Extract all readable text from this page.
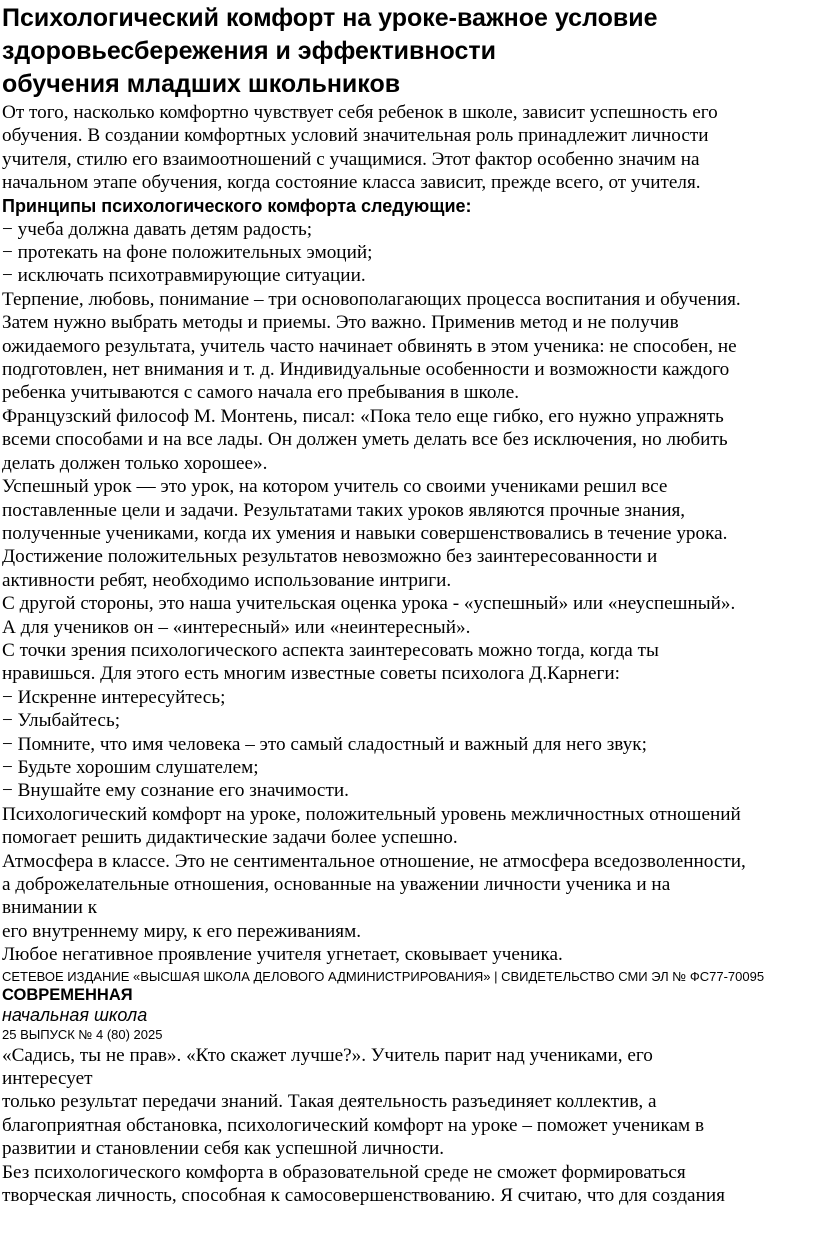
Психологический комфорт на уроке-важное условие
здоровьесбережения и эффективности
обучения младших школьников

От того, насколько комфортно чувствует себя ребенок в школе, зависит успешность его
обучения. В создании комфортных условий значительная роль принадлежит личности
учителя, стилю его взаимоотношений с учащимися. Этот фактор особенно значим на
начальном этапе обучения, когда состояние класса зависит, прежде всего, от учителя.

Принципы психологического комфорта следующие:
− учеба должна давать детям радость;
− протекать на фоне положительных эмоций;
− исключать психотравмирующие ситуации.

Терпение, любовь, понимание – три основополагающих процесса воспитания и обучения.
Затем нужно выбрать методы и приемы. Это важно. Применив метод и не получив
ожидаемого результата, учитель часто начинает обвинять в этом ученика: не способен, не
подготовлен, нет внимания и т. д. Индивидуальные особенности и возможности каждого
ребенка учитываются с самого начала его пребывания в школе.

Французский философ М. Монтень, писал: «Пока тело еще гибко, его нужно упражнять
всеми способами и на все лады. Он должен уметь делать все без исключения, но любить
делать должен только хорошее».

Успешный урок — это урок, на котором учитель со своими учениками решил все
поставленные цели и задачи. Результатами таких уроков являются прочные знания,
полученные учениками, когда их умения и навыки совершенствовались в течение урока.
Достижение положительных результатов невозможно без заинтересованности и
активности ребят, необходимо использование интриги.

С другой стороны, это наша учительская оценка урока - «успешный» или «неуспешный».
А для учеников он – «интересный» или «неинтересный».

С точки зрения психологического аспекта заинтересовать можно тогда, когда ты
нравишься. Для этого есть многим известные советы психолога Д.Карнеги:

− Искренне интересуйтесь;
− Улыбайтесь;
− Помните, что имя человека – это самый сладостный и важный для него звук;
− Будьте хорошим слушателем;
− Внушайте ему сознание его значимости.

Психологический комфорт на уроке, положительный уровень межличностных отношений
помогает решить дидактические задачи более успешно.

Атмосфера в классе. Это не сентиментальное отношение, не атмосфера вседозволенности,
а доброжелательные отношения, основанные на уважении личности ученика и на
внимании к
его внутреннему миру, к его переживаниям.

Любое негативное проявление учителя угнетает, сковывает ученика.

СЕТЕВОЕ ИЗДАНИЕ «ВЫСШАЯ ШКОЛА ДЕЛОВОГО АДМИНИСТРИРОВАНИЯ» | СВИДЕТЕЛЬСТВО СМИ ЭЛ № ФС77-70095
СОВРЕМЕННАЯ
начальная школа
25 ВЫПУСК № 4 (80) 2025

«Садись, ты не прав». «Кто скажет лучше?». Учитель парит над учениками, его
интересует
только результат передачи знаний. Такая деятельность разъединяет коллектив, а
благоприятная обстановка, психологический комфорт на уроке – поможет ученикам в
развитии и становлении себя как успешной личности.

Без психологического комфорта в образовательной среде не сможет формироваться
творческая личность, способная к самосовершенствованию. Я считаю, что для создания
